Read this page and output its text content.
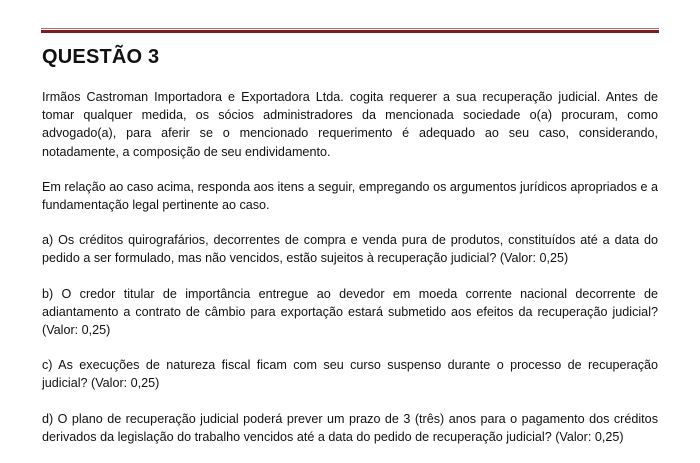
QUESTÃO 3

Irmãos Castroman Importadora e Exportadora Ltda. cogita requerer a sua recuperação judicial. Antes de tomar qualquer medida, os sócios administradores da mencionada sociedade o(a) procuram, como advogado(a), para aferir se o mencionado requerimento é adequado ao seu caso, considerando, notadamente, a composição de seu endividamento.

Em relação ao caso acima, responda aos itens a seguir, empregando os argumentos jurídicos apropriados e a fundamentação legal pertinente ao caso.

a) Os créditos quirografários, decorrentes de compra e venda pura de produtos, constituídos até a data do pedido a ser formulado, mas não vencidos, estão sujeitos à recuperação judicial? (Valor: 0,25)

b) O credor titular de importância entregue ao devedor em moeda corrente nacional decorrente de adiantamento a contrato de câmbio para exportação estará submetido aos efeitos da recuperação judicial? (Valor: 0,25)

c) As execuções de natureza fiscal ficam com seu curso suspenso durante o processo de recuperação judicial? (Valor: 0,25)

d) O plano de recuperação judicial poderá prever um prazo de 3 (três) anos para o pagamento dos créditos derivados da legislação do trabalho vencidos até a data do pedido de recuperação judicial? (Valor: 0,25)
